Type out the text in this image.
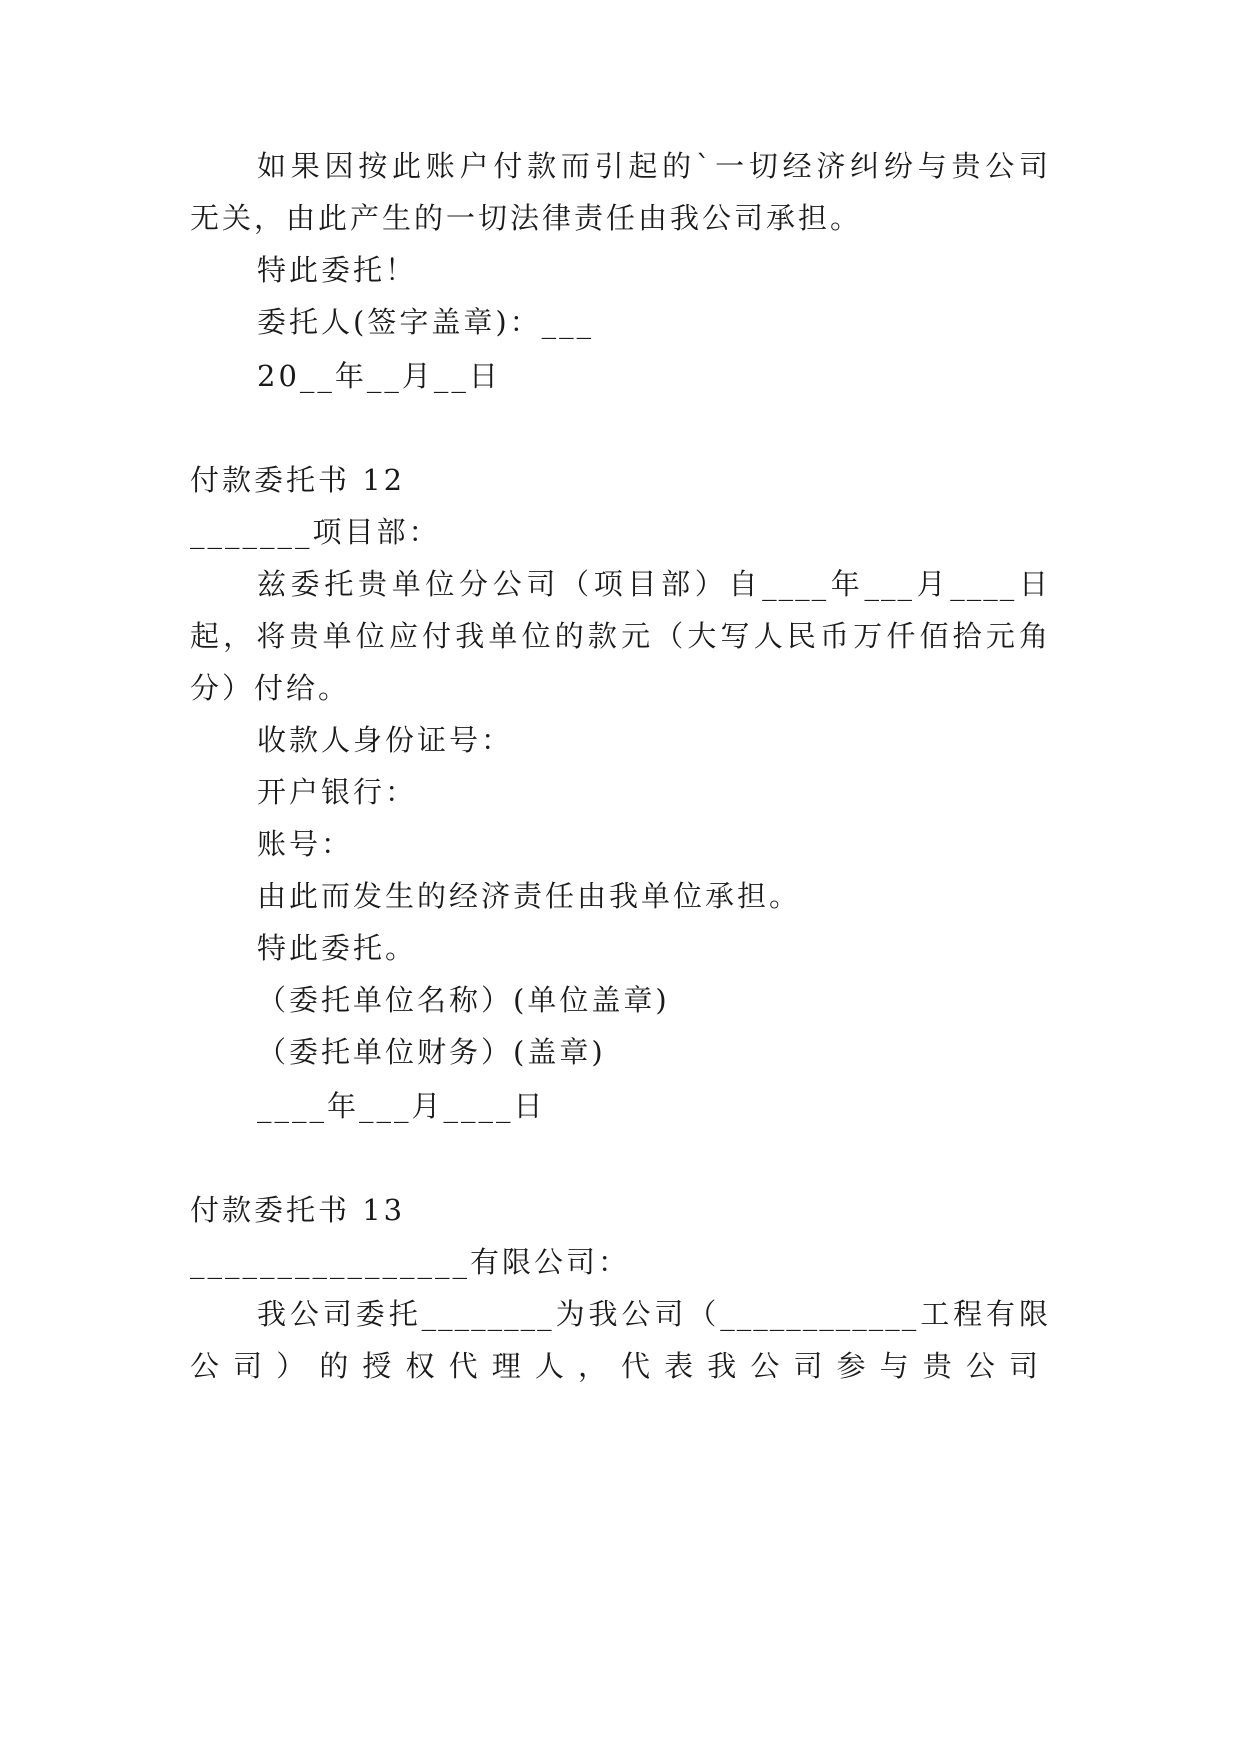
如果因按此账户付款而引起的`一切经济纠纷与贵公司
无关，由此产生的一切法律责任由我公司承担。
特此委托！
委托人(签字盖章)：___
20__年__月__日
付款委托书 12
_______项目部：
兹委托贵单位分公司（项目部）自____年___月____日
起，将贵单位应付我单位的款元（大写人民币万仟佰拾元角
分）付给。
收款人身份证号：
开户银行：
账号：
由此而发生的经济责任由我单位承担。
特此委托。
（委托单位名称）(单位盖章)
（委托单位财务）(盖章)
____年___月____日
付款委托书 13
________________有限公司：
我公司委托________为我公司（____________工程有限
公司）的授权代理人，代表我公司参与贵公司
